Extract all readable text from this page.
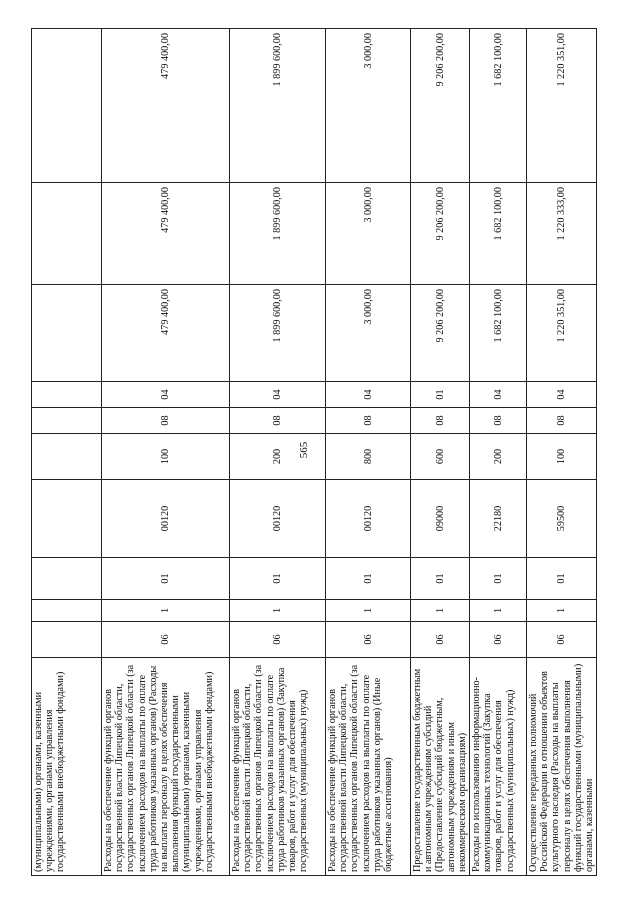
565
(муниципальными) органами, казенными учреждениями, органами управления государственными внебюджетными фондами)										
Расходы на обеспечение функций органов государственной власти Липецкой области, государственных органов Липецкой области (за исключением расходов на выплаты по оплате труда работников указанных органов) (Расходы на выплаты персоналу в целях обеспечения выполнения функций государственными (муниципальными) органами, казенными учреждениями, органами управления государственными внебюджетными фондами)	06	1	01	00120	100	08	04	479 400,00	479 400,00	479 400,00
Расходы на обеспечение функций органов государственной власти Липецкой области, государственных органов Липецкой области (за исключением расходов на выплаты по оплате труда работников указанных органов) (Закупка товаров, работ и услуг для обеспечения государственных (муниципальных) нужд)	06	1	01	00120	200	08	04	1 899 600,00	1 899 600,00	1 899 600,00
Расходы на обеспечение функций органов государственной власти Липецкой области, государственных органов Липецкой области (за исключением расходов на выплаты по оплате труда работников указанных органов) (Иные бюджетные ассигнования)	06	1	01	00120	800	08	04	3 000,00	3 000,00	3 000,00
Предоставление государственным бюджетным и автономным учреждениям субсидий (Предоставление субсидий бюджетным, автономным учреждениям и иным некоммерческим организациям)	06	1	01	09000	600	08	01	9 206 200,00	9 206 200,00	9 206 200,00
Расходы по использованию информационно-коммуникационных технологий (Закупка товаров, работ и услуг для обеспечения государственных (муниципальных) нужд)	06	1	01	22180	200	08	04	1 682 100,00	1 682 100,00	1 682 100,00
Осуществление переданных полномочий Российской Федерации в отношении объектов культурного наследия (Расходы на выплаты персоналу в целях обеспечения выполнения функций государственными (муниципальными) органами, казенными	06	1	01	59500	100	08	04	1 220 351,00	1 220 333,00	1 220 351,00
